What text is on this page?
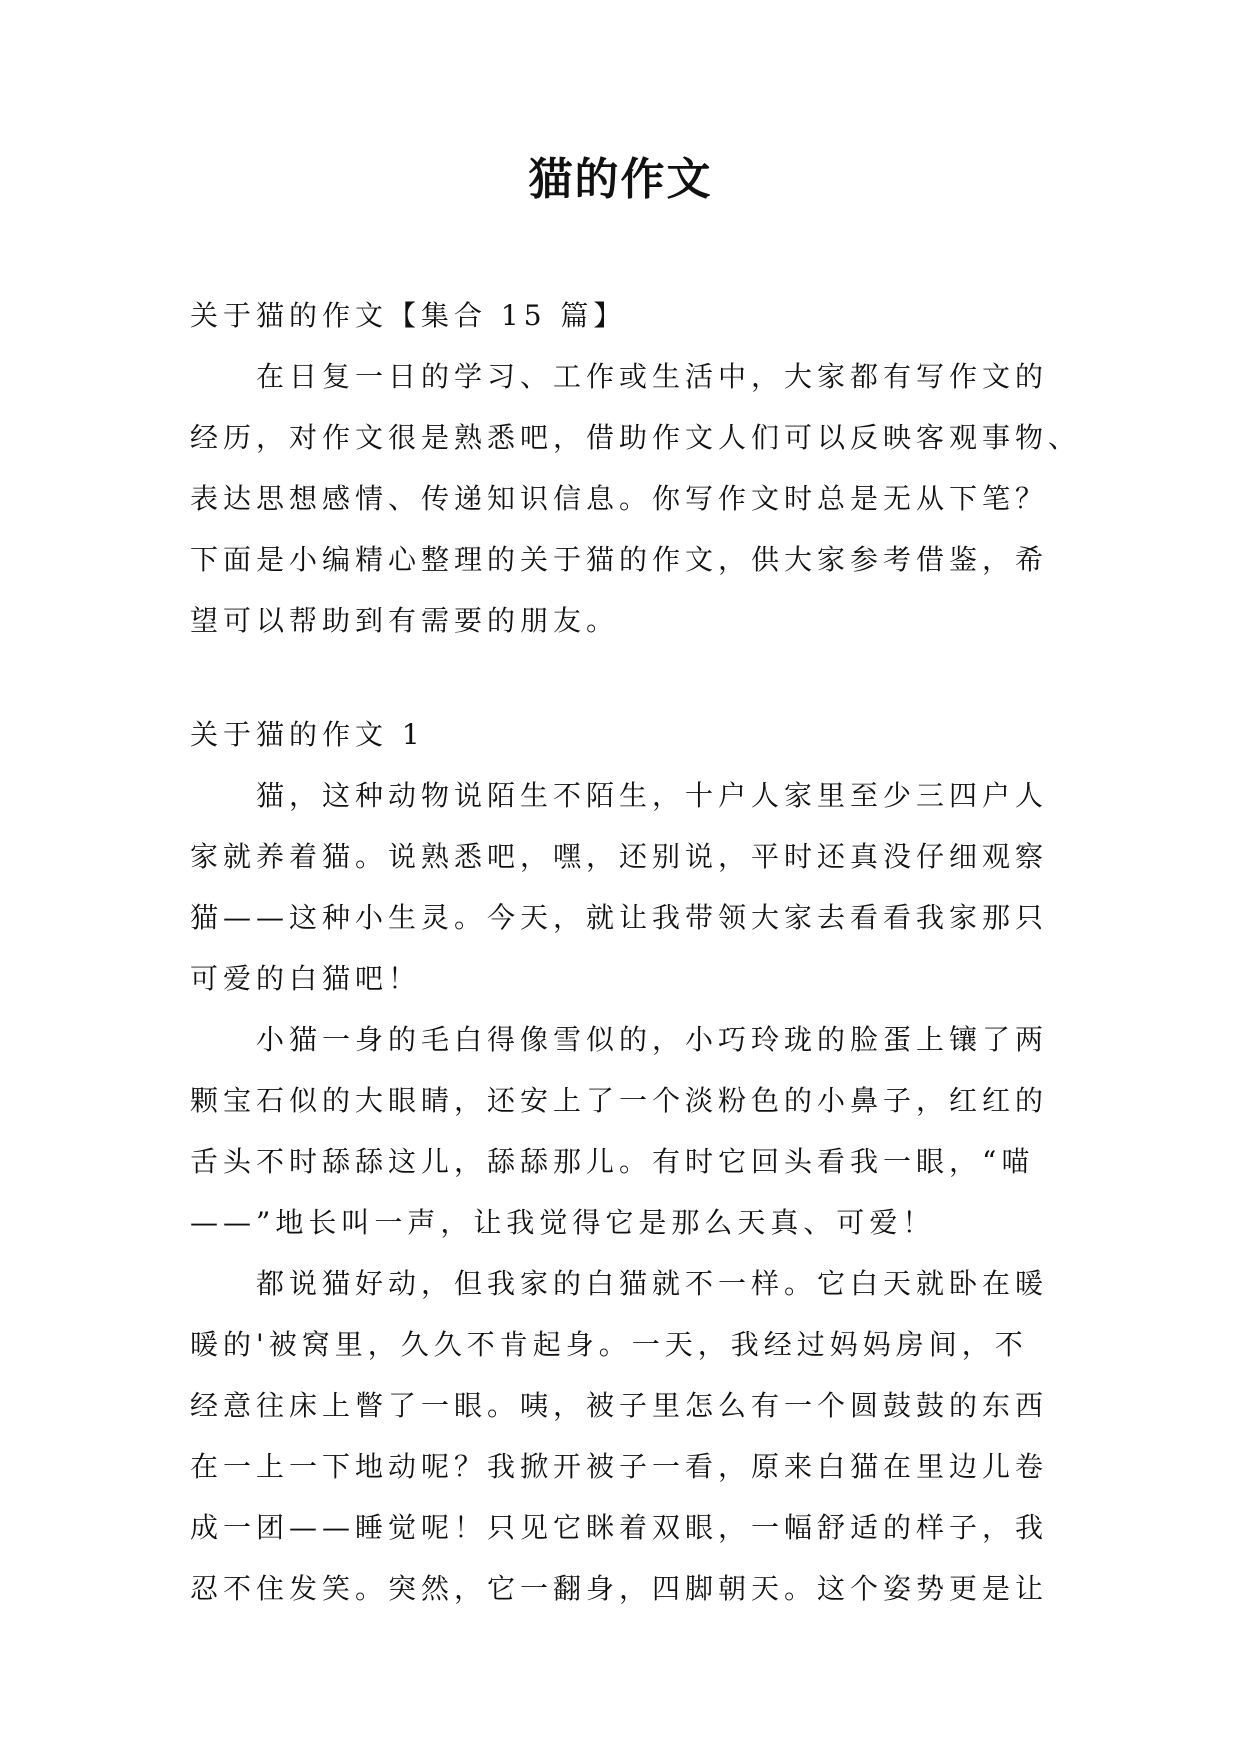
猫的作文
关于猫的作文【集合 15 篇】
在日复一日的学习、工作或生活中，大家都有写作文的
经历，对作文很是熟悉吧，借助作文人们可以反映客观事物、
表达思想感情、传递知识信息。你写作文时总是无从下笔？
下面是小编精心整理的关于猫的作文，供大家参考借鉴，希
望可以帮助到有需要的朋友。
关于猫的作文 1
猫，这种动物说陌生不陌生，十户人家里至少三四户人
家就养着猫。说熟悉吧，嘿，还别说，平时还真没仔细观察
猫——这种小生灵。今天，就让我带领大家去看看我家那只
可爱的白猫吧！
小猫一身的毛白得像雪似的，小巧玲珑的脸蛋上镶了两
颗宝石似的大眼睛，还安上了一个淡粉色的小鼻子，红红的
舌头不时舔舔这儿，舔舔那儿。有时它回头看我一眼，“喵
——”地长叫一声，让我觉得它是那么天真、可爱！
都说猫好动，但我家的白猫就不一样。它白天就卧在暖
暖的'被窝里，久久不肯起身。一天，我经过妈妈房间，不
经意往床上瞥了一眼。咦，被子里怎么有一个圆鼓鼓的东西
在一上一下地动呢？我掀开被子一看，原来白猫在里边儿卷
成一团——睡觉呢！只见它眯着双眼，一幅舒适的样子，我
忍不住发笑。突然，它一翻身，四脚朝天。这个姿势更是让
